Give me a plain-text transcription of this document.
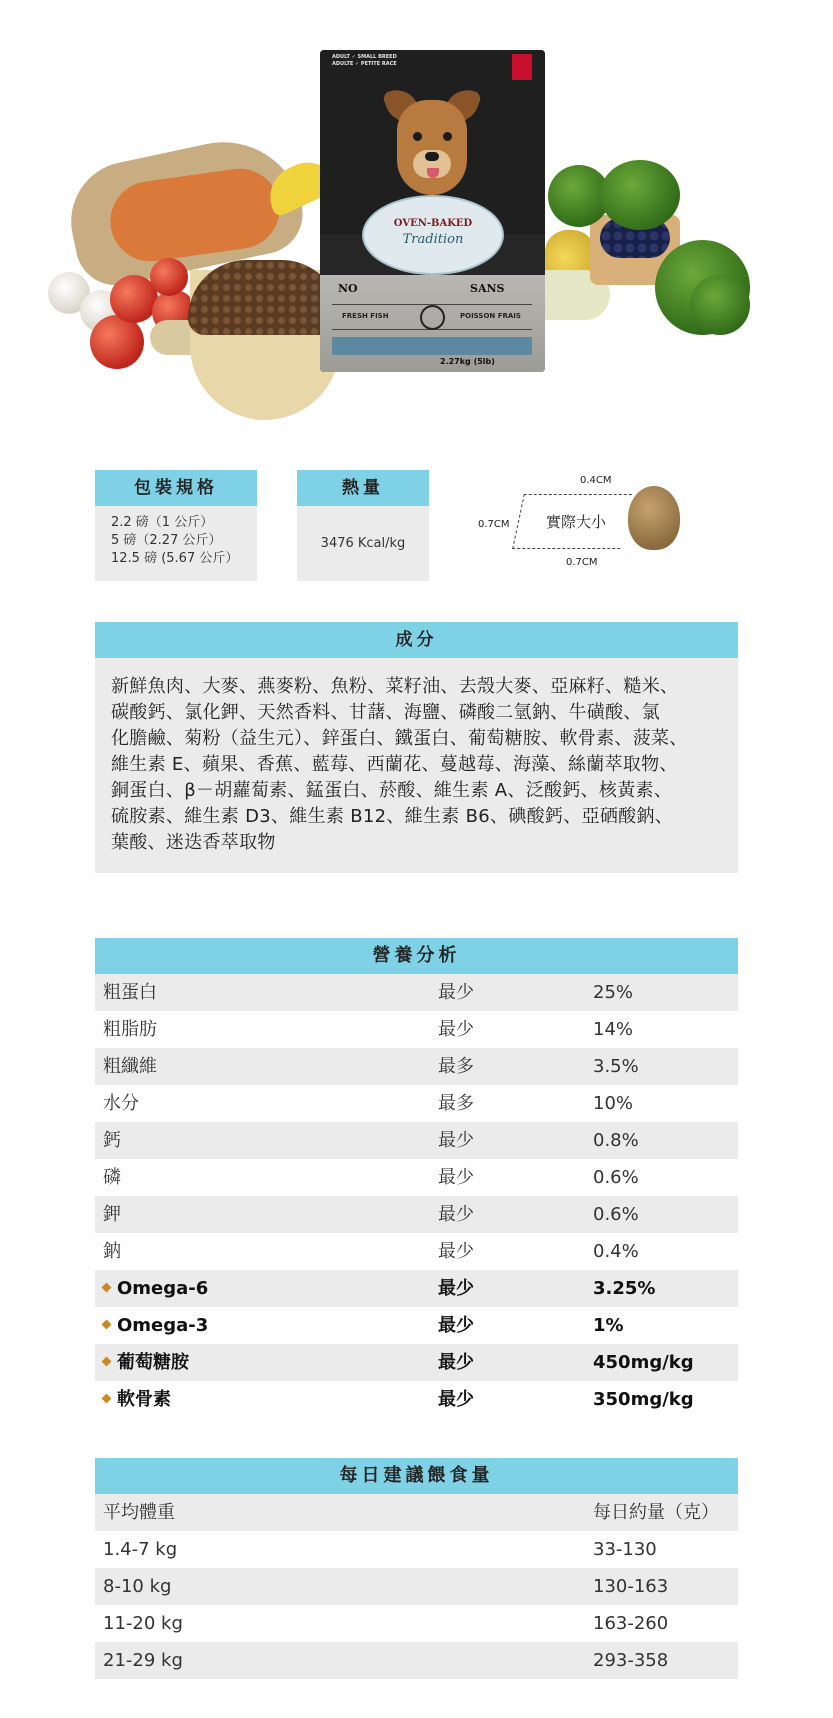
ADULT ✓ SMALL BREED
ADULTE ✓ PETITE RACE
OVEN-BAKED
Tradition
NO	SANS
FRESH FISH	POISSON FRAIS
2.27kg (5lb)
包裝規格
2.2 磅（1 公斤）
5 磅（2.27 公斤）
12.5 磅 (5.67 公斤）
熱量
3476 Kcal/kg
0.4CM
0.7CM 實際大小
0.7CM
成分
新鮮魚肉、大麥、燕麥粉、魚粉、菜籽油、去殼大麥、亞麻籽、糙米、
碳酸鈣、氯化鉀、天然香料、甘藷、海鹽、磷酸二氫鈉、牛磺酸、氯
化膽鹼、菊粉（益生元）、鋅蛋白、鐵蛋白、葡萄糖胺、軟骨素、菠菜、
維生素 E、蘋果、香蕉、藍莓、西蘭花、蔓越莓、海藻、絲蘭萃取物、
銅蛋白、β－胡蘿蔔素、錳蛋白、菸酸、維生素 A、泛酸鈣、核黃素、
硫胺素、維生素 D3、維生素 B12、維生素 B6、碘酸鈣、亞硒酸鈉、
葉酸、迷迭香萃取物
營養分析
粗蛋白	最少	25%
粗脂肪	最少	14%
粗纖維	最多	3.5%
水分	最多	10%
鈣	最少	0.8%
磷	最少	0.6%
鉀	最少	0.6%
鈉	最少	0.4%
Omega-6	最少	3.25%
Omega-3	最少	1%
葡萄糖胺	最少	450mg/kg
軟骨素	最少	350mg/kg
每日建議餵食量
平均體重	每日約量（克）
1.4-7 kg	33-130
8-10 kg	130-163
11-20 kg	163-260
21-29 kg	293-358
